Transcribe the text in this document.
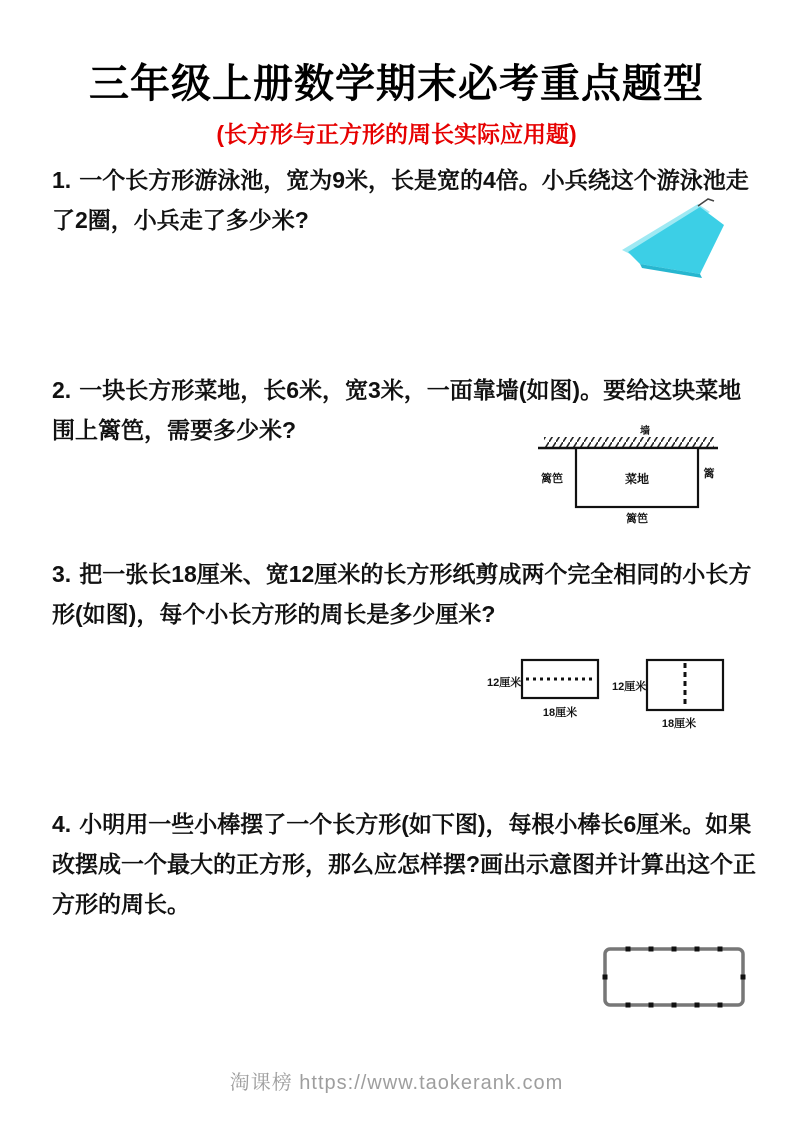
三年级上册数学期末必考重点题型
(长方形与正方形的周长实际应用题)
1. 一个长方形游泳池，宽为9米，长是宽的4倍。小兵绕这个游泳池走了2圈，小兵走了多少米?
2. 一块长方形菜地，长6米，宽3米，一面靠墙(如图)。要给这块菜地围上篱笆，需要多少米?	墙
菜地
篱笆	篱
篱笆
3. 把一张长18厘米、宽12厘米的长方形纸剪成两个完全相同的小长方形(如图)，每个小长方形的周长是多少厘米?
12厘米
18厘米
12厘米
18厘米
4. 小明用一些小棒摆了一个长方形(如下图)，每根小棒长6厘米。如果改摆成一个最大的正方形，那么应怎样摆?画出示意图并计算出这个正方形的周长。
淘课榜 https://www.taokerank.com
